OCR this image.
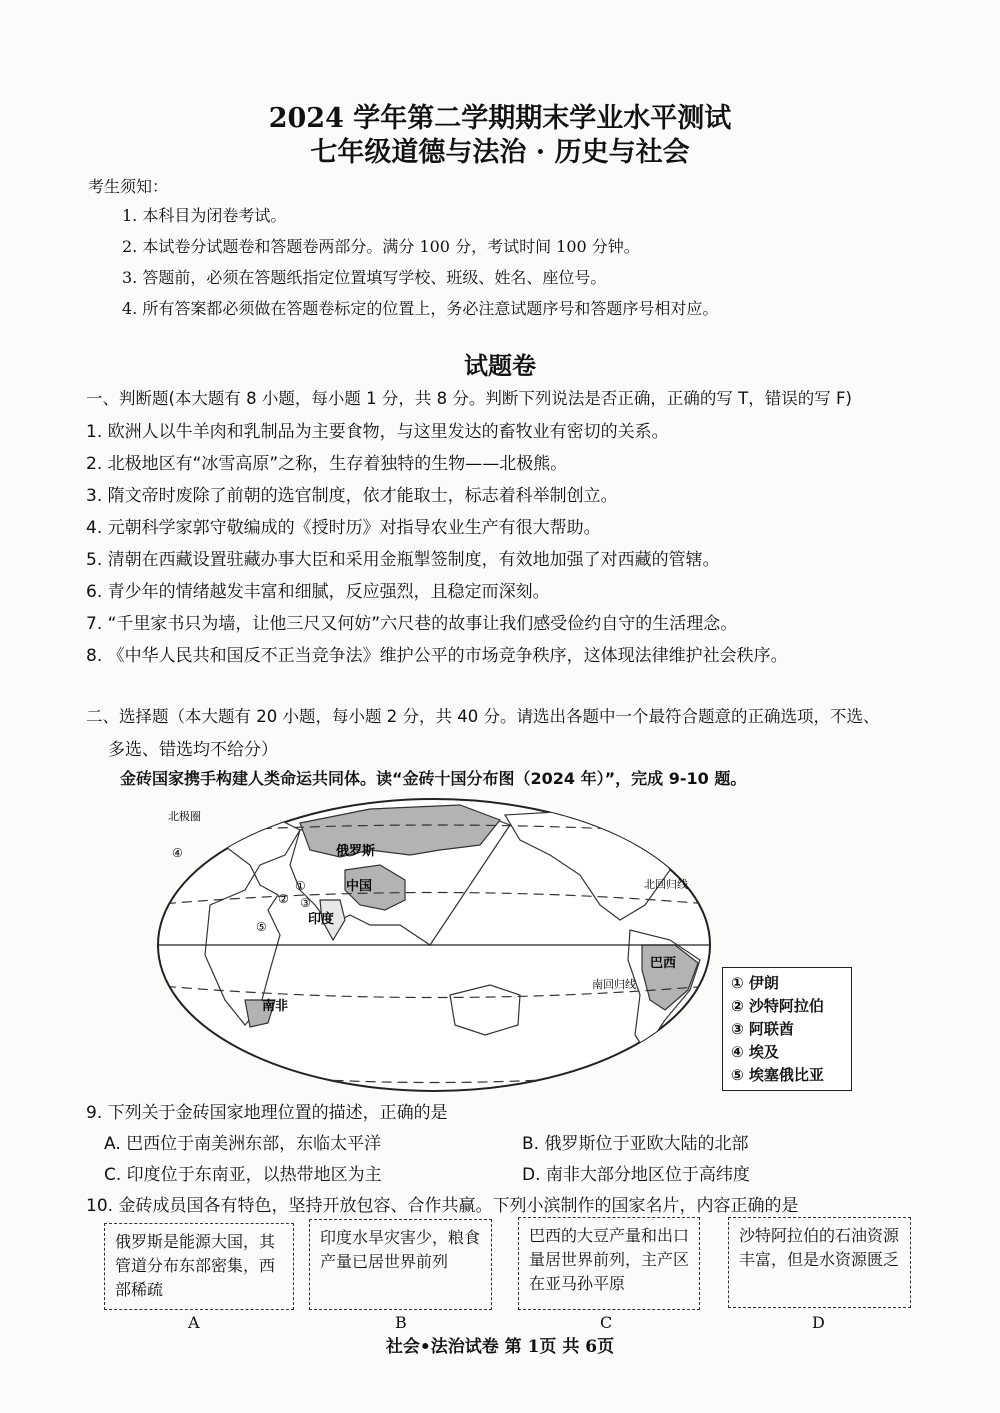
2024 学年第二学期期末学业水平测试
七年级道德与法治 · 历史与社会
考生须知：
1. 本科目为闭卷考试。
2. 本试卷分试题卷和答题卷两部分。满分 100 分，考试时间 100 分钟。
3. 答题前，必须在答题纸指定位置填写学校、班级、姓名、座位号。
4. 所有答案都必须做在答题卷标定的位置上，务必注意试题序号和答题序号相对应。
试题卷
一、判断题(本大题有 8 小题，每小题 1 分，共 8 分。判断下列说法是否正确，正确的写 T，错误的写 F)
1. 欧洲人以牛羊肉和乳制品为主要食物，与这里发达的畜牧业有密切的关系。
2. 北极地区有“冰雪高原”之称，生存着独特的生物——北极熊。
3. 隋文帝时废除了前朝的选官制度，依才能取士，标志着科举制创立。
4. 元朝科学家郭守敬编成的《授时历》对指导农业生产有很大帮助。
5. 清朝在西藏设置驻藏办事大臣和采用金瓶掣签制度，有效地加强了对西藏的管辖。
6. 青少年的情绪越发丰富和细腻，反应强烈，且稳定而深刻。
7. “千里家书只为墙，让他三尺又何妨”六尺巷的故事让我们感受俭约自守的生活理念。
8. 《中华人民共和国反不正当竞争法》维护公平的市场竞争秩序，这体现法律维护社会秩序。
二、选择题（本大题有 20 小题，每小题 2 分，共 40 分。请选出各题中一个最符合题意的正确选项，不选、
多选、错选均不给分）
金砖国家携手构建人类命运共同体。读“金砖十国分布图（2024 年）”，完成 9-10 题。
北极圈
俄罗斯
中国
印度
巴西
南非
北回归线
南回归线
①
② ③
④
⑤
① 伊朗
② 沙特阿拉伯
③ 阿联酋
④ 埃及
⑤ 埃塞俄比亚
9. 下列关于金砖国家地理位置的描述，正确的是
A. 巴西位于南美洲东部，东临太平洋	B. 俄罗斯位于亚欧大陆的北部
C. 印度位于东南亚，以热带地区为主	D. 南非大部分地区位于高纬度
10. 金砖成员国各有特色，坚持开放包容、合作共赢。下列小滨制作的国家名片，内容正确的是
俄罗斯是能源大国，其管道分布东部密集，西部稀疏
印度水旱灾害少，粮食产量已居世界前列
巴西的大豆产量和出口量居世界前列，主产区在亚马孙平原
沙特阿拉伯的石油资源丰富，但是水资源匮乏
A	B	C	D
社会•法治试卷 第 1页 共 6页
